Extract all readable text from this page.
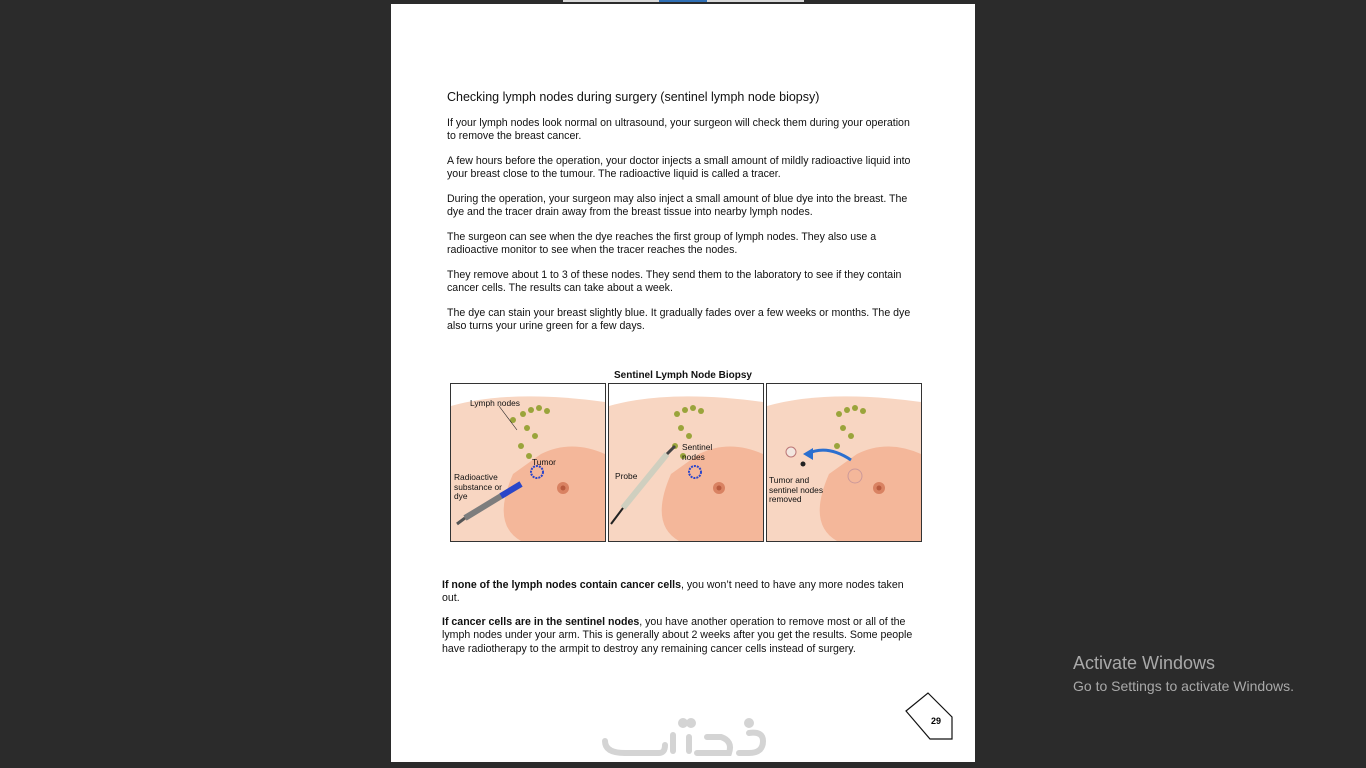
Checking lymph nodes during surgery (sentinel lymph node biopsy)

If your lymph nodes look normal on ultrasound, your surgeon will check them during your operation to remove the breast cancer.

A few hours before the operation, your doctor injects a small amount of mildly radioactive liquid into your breast close to the tumour. The radioactive liquid is called a tracer.

During the operation, your surgeon may also inject a small amount of blue dye into the breast. The dye and the tracer drain away from the breast tissue into nearby lymph nodes.

The surgeon can see when the dye reaches the first group of lymph nodes. They also use a radioactive monitor to see when the tracer reaches the nodes.

They remove about 1 to 3 of these nodes. They send them to the laboratory to see if they contain cancer cells. The results can take about a week.

The dye can stain your breast slightly blue. It gradually fades over a few weeks or months. The dye also turns your urine green for a few days.

Sentinel Lymph Node Biopsy
Lymph nodes
Tumor
Radioactive substance or dye
Sentinel nodes
Probe	Tumor and sentinel nodes removed

If none of the lymph nodes contain cancer cells, you won’t need to have any more nodes taken out.

If cancer cells are in the sentinel nodes, you have another operation to remove most or all of the lymph nodes under your arm. This is generally about 2 weeks after you get the results. Some people have radiotherapy to the armpit to destroy any remaining cancer cells instead of surgery.

29
Activate Windows
Go to Settings to activate Windows.
